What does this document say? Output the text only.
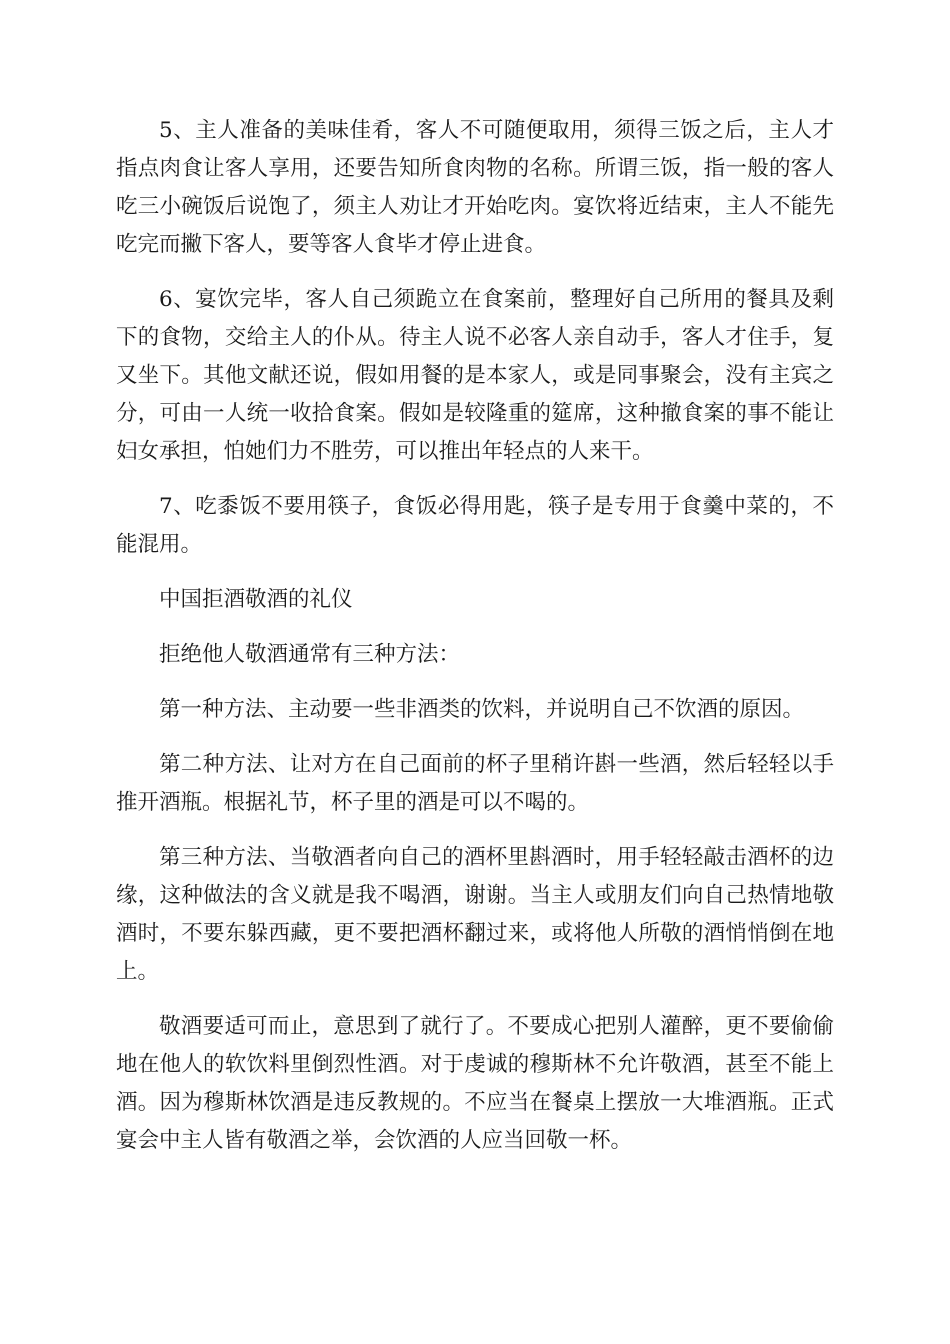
5、主人准备的美味佳肴，客人不可随便取用，须得三饭之后，主人才指点肉食让客人享用，还要告知所食肉物的名称。所谓三饭，指一般的客人吃三小碗饭后说饱了，须主人劝让才开始吃肉。宴饮将近结束，主人不能先吃完而撇下客人，要等客人食毕才停止进食。

6、宴饮完毕，客人自己须跪立在食案前，整理好自己所用的餐具及剩下的食物，交给主人的仆从。待主人说不必客人亲自动手，客人才住手，复又坐下。其他文献还说，假如用餐的是本家人，或是同事聚会，没有主宾之分，可由一人统一收拾食案。假如是较隆重的筵席，这种撤食案的事不能让妇女承担，怕她们力不胜劳，可以推出年轻点的人来干。

7、吃黍饭不要用筷子，食饭必得用匙，筷子是专用于食羹中菜的，不能混用。

中国拒酒敬酒的礼仪

拒绝他人敬酒通常有三种方法：

第一种方法、主动要一些非酒类的饮料，并说明自己不饮酒的原因。

第二种方法、让对方在自己面前的杯子里稍许斟一些酒，然后轻轻以手推开酒瓶。根据礼节，杯子里的酒是可以不喝的。

第三种方法、当敬酒者向自己的酒杯里斟酒时，用手轻轻敲击酒杯的边缘，这种做法的含义就是我不喝酒，谢谢。当主人或朋友们向自己热情地敬酒时，不要东躲西藏，更不要把酒杯翻过来，或将他人所敬的酒悄悄倒在地上。

敬酒要适可而止，意思到了就行了。不要成心把别人灌醉，更不要偷偷地在他人的软饮料里倒烈性酒。对于虔诚的穆斯林不允许敬酒，甚至不能上酒。因为穆斯林饮酒是违反教规的。不应当在餐桌上摆放一大堆酒瓶。正式宴会中主人皆有敬酒之举，会饮酒的人应当回敬一杯。
